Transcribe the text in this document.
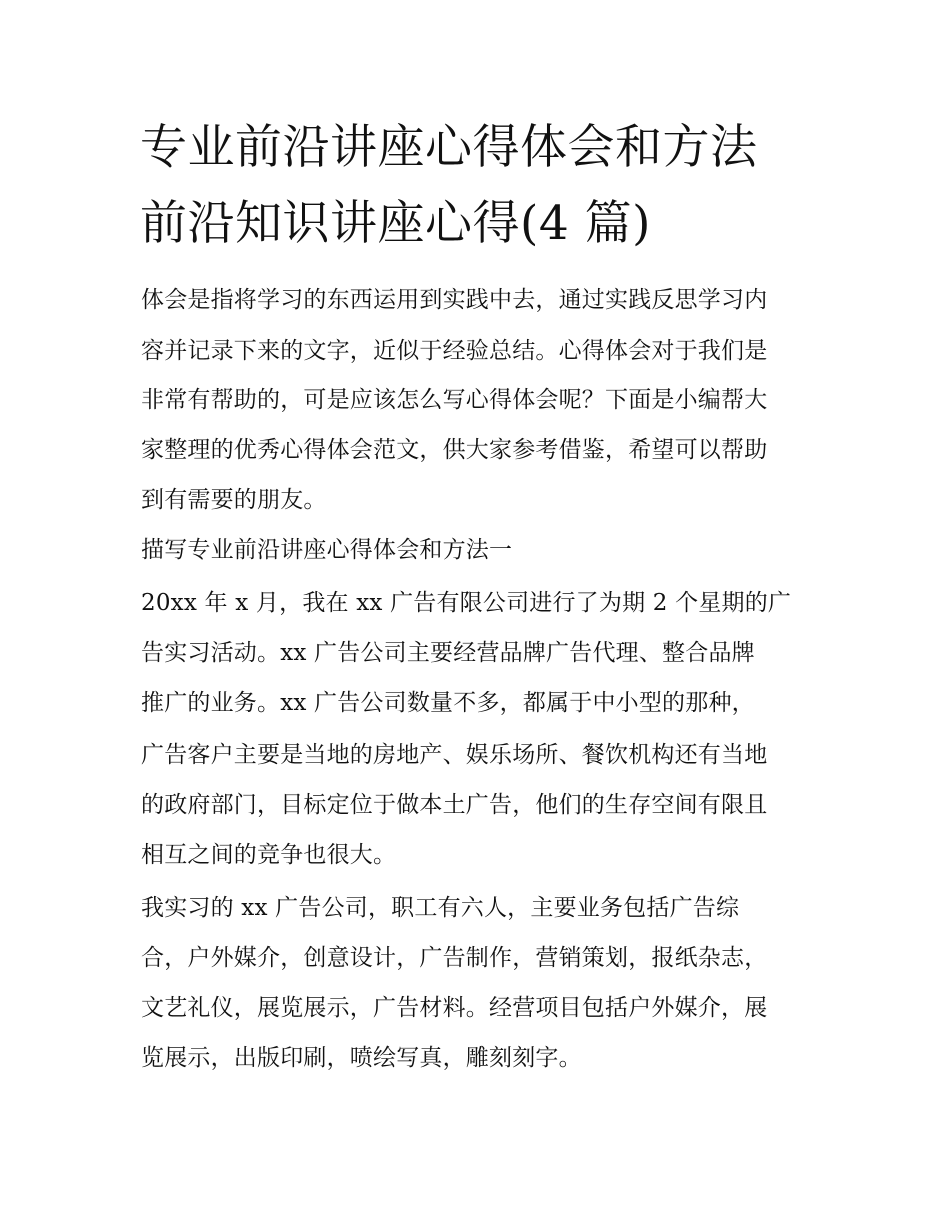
专业前沿讲座心得体会和方法
前沿知识讲座心得(4 篇)
体会是指将学习的东西运用到实践中去，通过实践反思学习内
容并记录下来的文字，近似于经验总结。心得体会对于我们是
非常有帮助的，可是应该怎么写心得体会呢？下面是小编帮大
家整理的优秀心得体会范文，供大家参考借鉴，希望可以帮助
到有需要的朋友。
描写专业前沿讲座心得体会和方法一
20xx 年 x 月，我在 xx 广告有限公司进行了为期 2 个星期的广
告实习活动。xx 广告公司主要经营品牌广告代理、整合品牌
推广的业务。xx 广告公司数量不多，都属于中小型的那种，
广告客户主要是当地的房地产、娱乐场所、餐饮机构还有当地
的政府部门，目标定位于做本土广告，他们的生存空间有限且
相互之间的竞争也很大。
我实习的 xx 广告公司，职工有六人，主要业务包括广告综
合，户外媒介，创意设计，广告制作，营销策划，报纸杂志，
文艺礼仪，展览展示，广告材料。经营项目包括户外媒介，展
览展示，出版印刷，喷绘写真，雕刻刻字。
